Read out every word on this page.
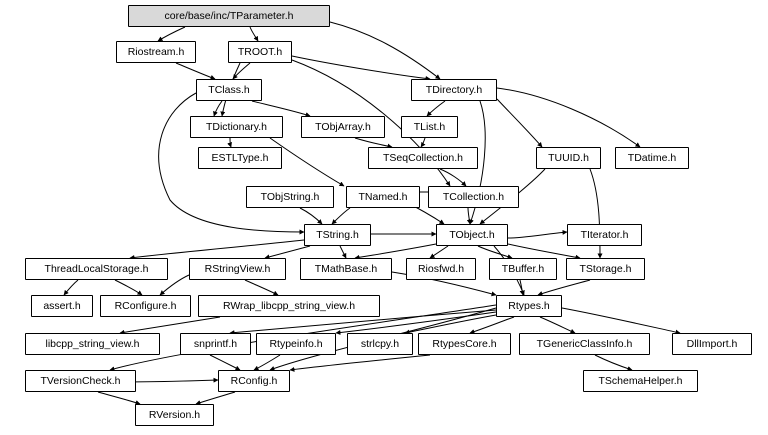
core/base/inc/TParameter.h
Riostream.h	TROOT.h
TClass.h	TDirectory.h
TDictionary.h	TObjArray.h	TList.h
ESTLType.h	TSeqCollection.h	TUUID.h	TDatime.h
TObjString.h	TNamed.h	TCollection.h
TString.h	TObject.h	TIterator.h
ThreadLocalStorage.h	RStringView.h	TMathBase.h	Riosfwd.h	TBuffer.h	TStorage.h
assert.h	RConfigure.h	RWrap_libcpp_string_view.h	Rtypes.h
libcpp_string_view.h	snprintf.h	Rtypeinfo.h	strlcpy.h	RtypesCore.h	TGenericClassInfo.h	DllImport.h
TVersionCheck.h	RConfig.h	TSchemaHelper.h
RVersion.h
